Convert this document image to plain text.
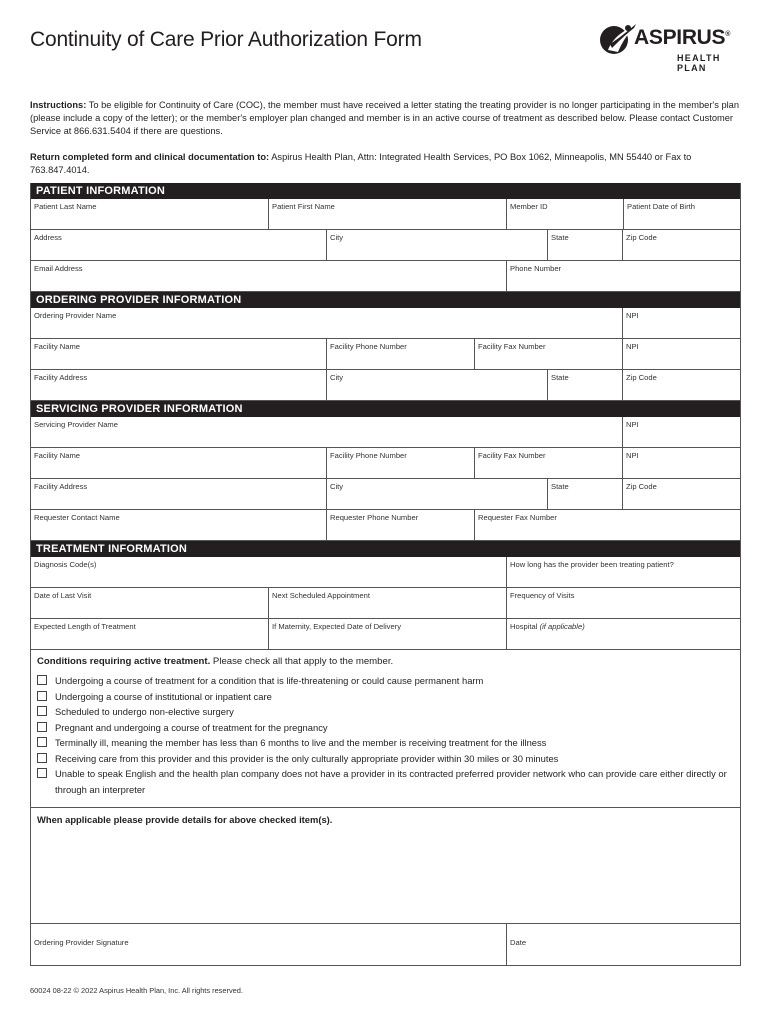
Continuity of Care Prior Authorization Form	ASPIRUS®
HEALTH PLAN
Instructions: To be eligible for Continuity of Care (COC), the member must have received a letter stating the treating provider is no longer participating in the member's plan (please include a copy of the letter); or the member's employer plan changed and member is in an active course of treatment as described below. Please contact Customer Service at 866.631.5404 if there are questions.
Return completed form and clinical documentation to: Aspirus Health Plan, Attn: Integrated Health Services, PO Box 1062, Minneapolis, MN 55440 or Fax to 763.847.4014.
PATIENT INFORMATION
Patient Last Name	Patient First Name	Member ID	Patient Date of Birth
Address	City	State	Zip Code
Email Address	Phone Number
ORDERING PROVIDER INFORMATION
Ordering Provider Name	NPI
Facility Name	Facility Phone Number	Facility Fax Number	NPI
Facility Address	City	State	Zip Code
SERVICING PROVIDER INFORMATION
Servicing Provider Name	NPI
Facility Name	Facility Phone Number	Facility Fax Number	NPI
Facility Address	City	State	Zip Code
Requester Contact Name	Requester Phone Number	Requester Fax Number
TREATMENT INFORMATION
Diagnosis Code(s)	How long has the provider been treating patient?
Date of Last Visit	Next Scheduled Appointment	Frequency of Visits
Expected Length of Treatment	If Maternity, Expected Date of Delivery	Hospital (if applicable)
Conditions requiring active treatment. Please check all that apply to the member.
Undergoing a course of treatment for a condition that is life-threatening or could cause permanent harm
Undergoing a course of institutional or inpatient care
Scheduled to undergo non-elective surgery
Pregnant and undergoing a course of treatment for the pregnancy
Terminally ill, meaning the member has less than 6 months to live and the member is receiving treatment for the illness
Receiving care from this provider and this provider is the only culturally appropriate provider within 30 miles or 30 minutes
Unable to speak English and the health plan company does not have a provider in its contracted preferred provider network who can provide care either directly or through an interpreter
When applicable please provide details for above checked item(s).
Ordering Provider Signature	Date
60024 08-22 © 2022 Aspirus Health Plan, Inc. All rights reserved.
